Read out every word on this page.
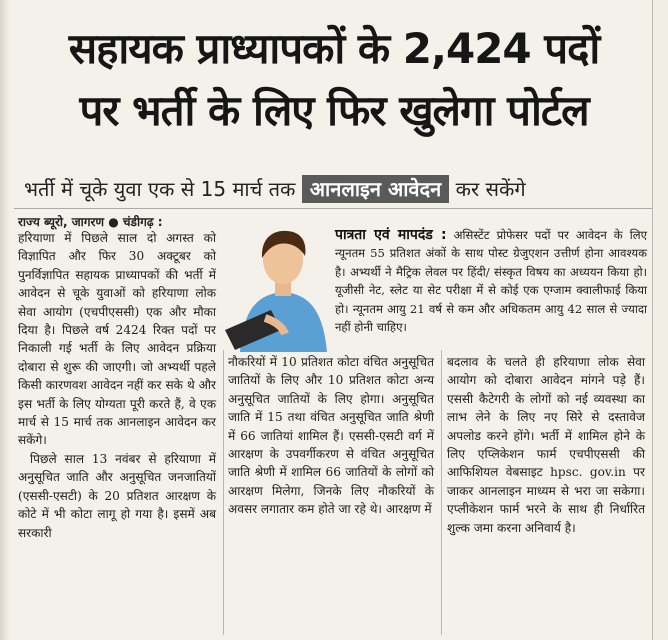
सहायक प्राध्यापकों के 2,424 पदों
पर भर्ती के लिए फिर खुलेगा पोर्टल
भर्ती में चूके युवा एक से 15 मार्च तक आनलाइन आवेदन कर सकेंगे
राज्य ब्यूरो, जागरण ● चंडीगढ़ :

हरियाणा में पिछले साल दो अगस्त को विज्ञापित और फिर 30 अक्टूबर को पुनर्विज्ञापित सहायक प्राध्यापकों की भर्ती में आवेदन से चूके युवाओं को हरियाणा लोक सेवा आयोग (एचपीएससी) एक और मौका दिया है। पिछले वर्ष 2424 रिक्त पदों पर निकाली गई भर्ती के लिए आवेदन प्रक्रिया दोबारा से शुरू की जाएगी। जो अभ्यर्थी पहले किसी कारणवश आवेदन नहीं कर सके थे और इस भर्ती के लिए योग्यता पूरी करते हैं, वे एक मार्च से 15 मार्च तक आनलाइन आवेदन कर सकेंगे।

पिछले साल 13 नवंबर से हरियाणा में अनुसूचित जाति और अनुसूचित जनजातियों (एससी-एसटी) के 20 प्रतिशत आरक्षण के कोटे में भी कोटा लागू हो गया है। इसमें अब सरकारी

पात्रता एवं मापदंड : असिस्टेंट प्रोफेसर पदों पर आवेदन के लिए न्यूनतम 55 प्रतिशत अंकों के साथ पोस्ट ग्रेजुएशन उत्तीर्ण होना आवश्यक है। अभ्यर्थी ने मैट्रिक लेवल पर हिंदी/ संस्कृत विषय का अध्ययन किया हो। यूजीसी नेट, स्लेट या सेट परीक्षा में से कोई एक एग्जाम क्वालीफाई किया हो। न्यूनतम आयु 21 वर्ष से कम और अधिकतम आयु 42 साल से ज्यादा नहीं होनी चाहिए।

नौकरियों में 10 प्रतिशत कोटा वंचित अनुसूचित जातियों के लिए और 10 प्रतिशत कोटा अन्य अनुसूचित जातियों के लिए होगा। अनुसूचित जाति में 15 तथा वंचित अनुसूचित जाति श्रेणी में 66 जातियां शामिल हैं। एससी-एसटी वर्ग में आरक्षण के उपवर्गीकरण से वंचित अनुसूचित जाति श्रेणी में शामिल 66 जातियों के लोगों को आरक्षण मिलेगा, जिनके लिए नौकरियों के अवसर लगातार कम होते जा रहे थे। आरक्षण में

बदलाव के चलते ही हरियाणा लोक सेवा आयोग को दोबारा आवेदन मांगने पड़े हैं। एससी कैटेगरी के लोगों को नई व्यवस्था का लाभ लेने के लिए नए सिरे से दस्तावेज अपलोड करने होंगे। भर्ती में शामिल होने के लिए एप्लिकेशन फार्म एचपीएससी की आफिशियल वेबसाइट hpsc. gov.in पर जाकर आनलाइन माध्यम से भरा जा सकेगा। एप्लीकेशन फार्म भरने के साथ ही निर्धारित शुल्क जमा करना अनिवार्य है।
